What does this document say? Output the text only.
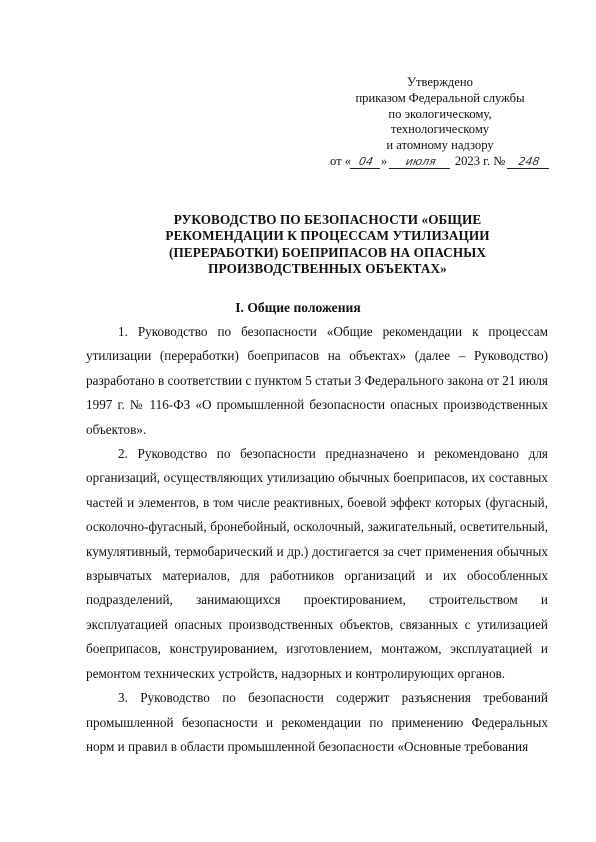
Утверждено
приказом Федеральной службы
по экологическому,
технологическому
и атомному надзору
от « 04 »
	июля
	2023 г. №
	248
РУКОВОДСТВО ПО БЕЗОПАСНОСТИ «ОБЩИЕ РЕКОМЕНДАЦИИ К ПРОЦЕССАМ УТИЛИЗАЦИИ (ПЕРЕРАБОТКИ) БОЕПРИПАСОВ НА ОПАСНЫХ ПРОИЗВОДСТВЕННЫХ ОБЪЕКТАХ»
I. Общие положения

1. Руководство по безопасности «Общие рекомендации к процессам утилизации (переработки) боеприпасов на объектах» (далее – Руководство) разработано в соответствии с пунктом 5 статьи 3 Федерального закона от 21 июля 1997 г. № 116-ФЗ «О промышленной безопасности опасных производственных объектов».

2. Руководство по безопасности предназначено и рекомендовано для организаций, осуществляющих утилизацию обычных боеприпасов, их составных частей и элементов, в том числе реактивных, боевой эффект которых (фугасный, осколочно-фугасный, бронебойный, осколочный, зажигательный, осветительный, кумулятивный, термобарический и др.) достигается за счет применения обычных взрывчатых материалов, для работников организаций и их обособленных подразделений, занимающихся проектированием, строительством и эксплуатацией опасных производственных объектов, связанных с утилизацией боеприпасов, конструированием, изготовлением, монтажом, эксплуатацией и ремонтом технических устройств, надзорных и контролирующих органов.

3. Руководство по безопасности содержит разъяснения требований промышленной безопасности и рекомендации по применению Федеральных норм и правил в области промышленной безопасности «Основные требования
